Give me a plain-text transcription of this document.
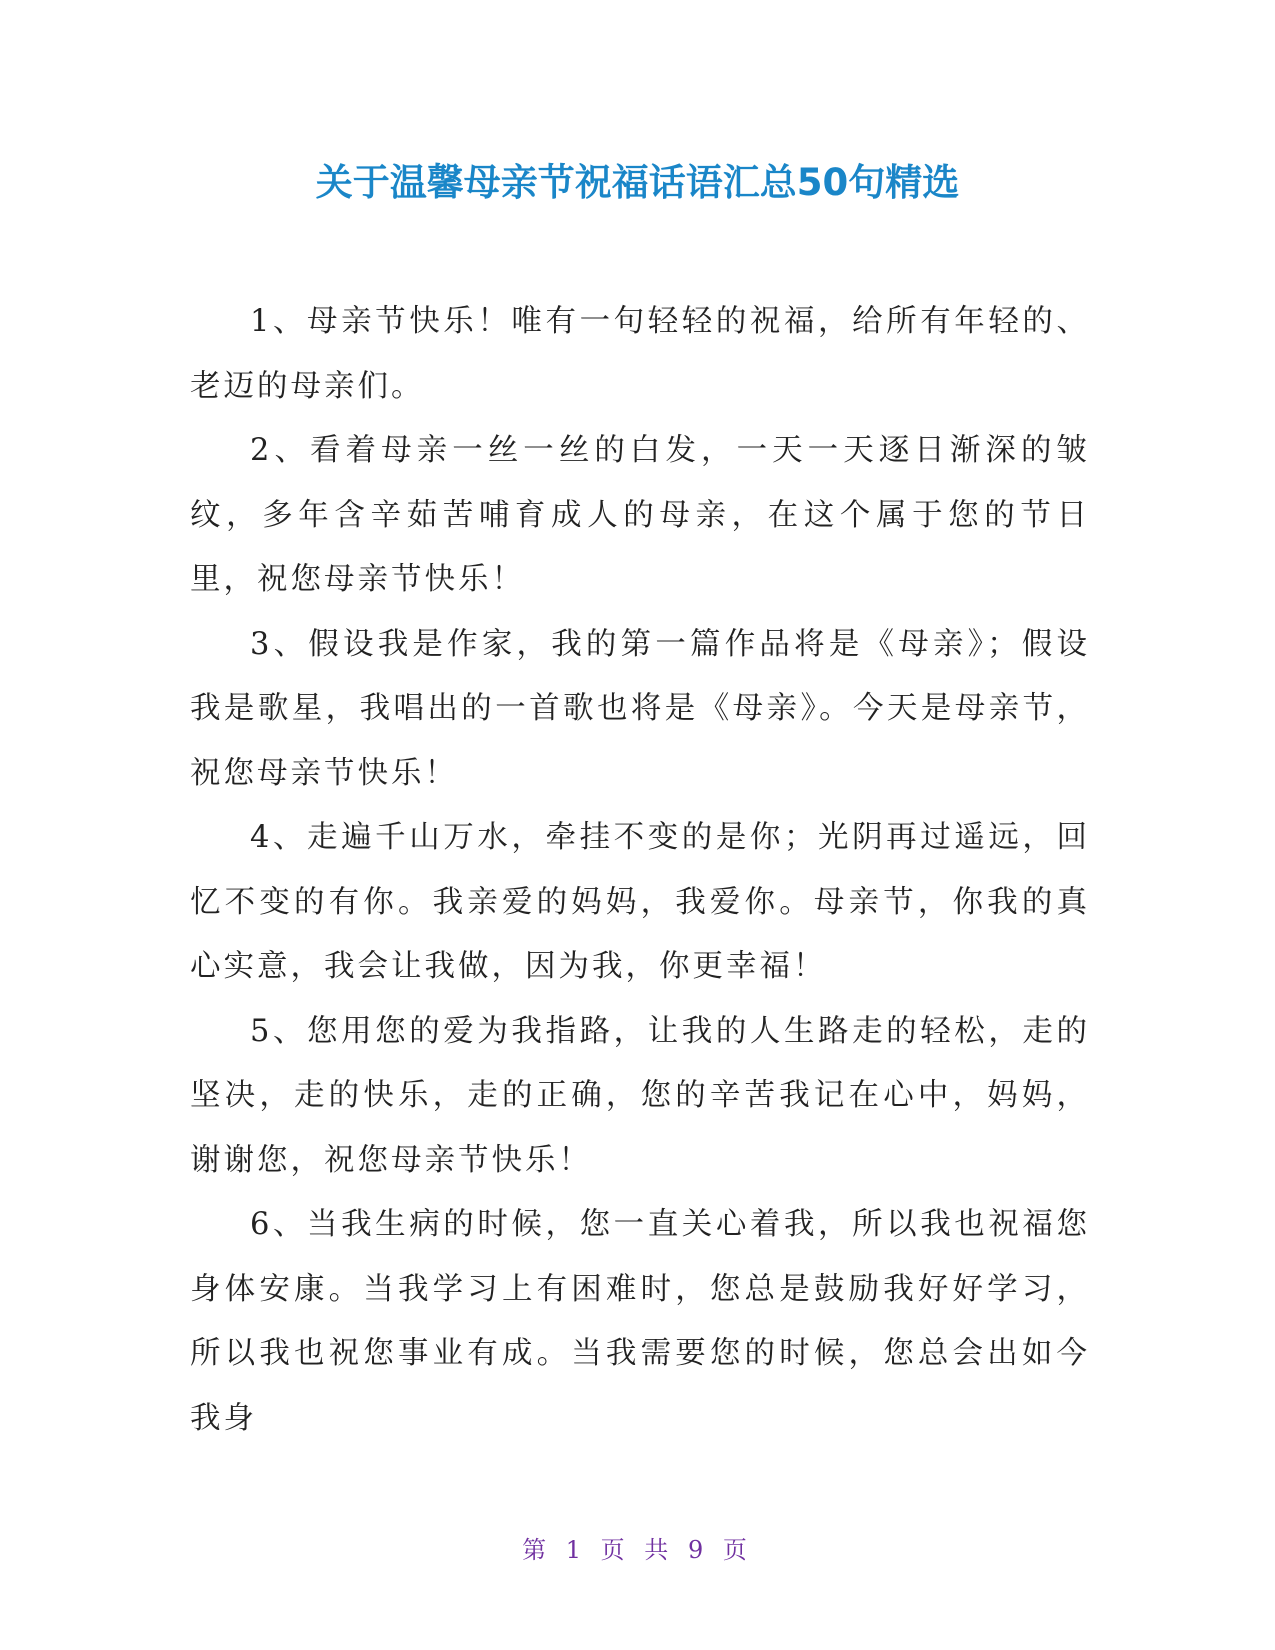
关于温馨母亲节祝福话语汇总50句精选

1、母亲节快乐！唯有一句轻轻的祝福，给所有年轻的、老迈的母亲们。

2、看着母亲一丝一丝的白发，一天一天逐日渐深的皱纹，多年含辛茹苦哺育成人的母亲，在这个属于您的节日里，祝您母亲节快乐！

3、假设我是作家，我的第一篇作品将是《母亲》；假设我是歌星，我唱出的一首歌也将是《母亲》。今天是母亲节，祝您母亲节快乐！

4、走遍千山万水，牵挂不变的是你；光阴再过遥远，回忆不变的有你。我亲爱的妈妈，我爱你。母亲节，你我的真心实意，我会让我做，因为我，你更幸福！

5、您用您的爱为我指路，让我的人生路走的轻松，走的坚决，走的快乐，走的正确，您的辛苦我记在心中，妈妈，谢谢您，祝您母亲节快乐！

6、当我生病的时候，您一直关心着我，所以我也祝福您身体安康。当我学习上有困难时，您总是鼓励我好好学习，所以我也祝您事业有成。当我需要您的时候，您总会出如今我身

第 1 页 共 9 页
